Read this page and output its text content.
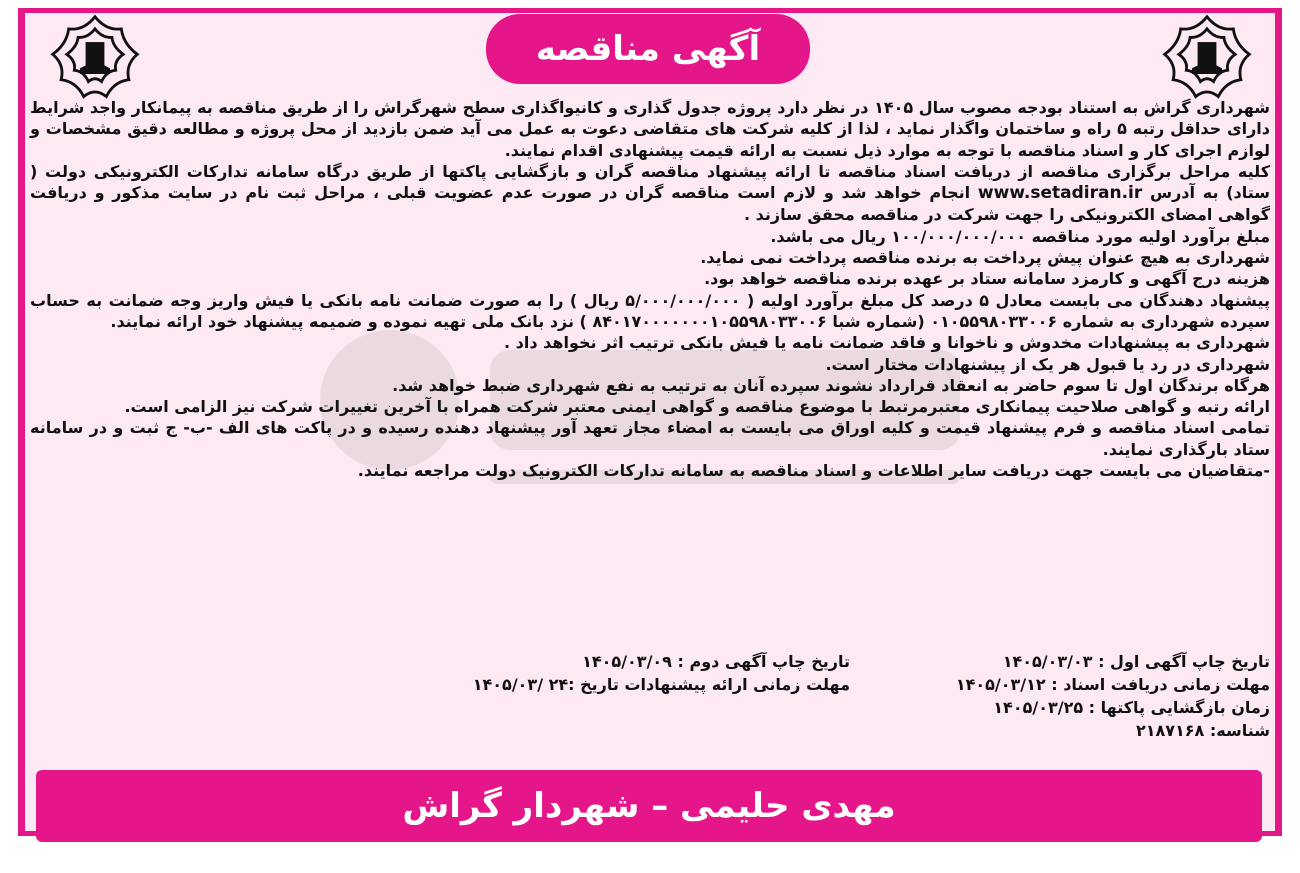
آگهی مناقصه

شهرداری گراش به استناد بودجه مصوب سال ۱۴۰۵ در نظر دارد پروژه جدول گذاری و کانیواگذاری سطح شهرگراش را از طریق مناقصه به پیمانکار واجد شرایط دارای حداقل رتبه ۵ راه و ساختمان واگذار نماید ، لذا از کلیه شرکت های متقاضی دعوت به عمل می آید ضمن بازدید از محل پروژه و مطالعه دقیق مشخصات و لوازم اجرای کار و اسناد مناقصه با توجه به موارد ذیل نسبت به ارائه قیمت پیشنهادی اقدام نمایند.

کلیه مراحل برگزاری مناقصه از دریافت اسناد مناقصه تا ارائه پیشنهاد مناقصه گران و بازگشایی پاکتها از طریق درگاه سامانه تدارکات الکترونیکی دولت ( ستاد) به آدرس www.setadiran.ir انجام خواهد شد و لازم است مناقصه گران در صورت عدم عضویت قبلی ، مراحل ثبت نام در سایت مذکور و دریافت گواهی امضای الکترونیکی را جهت شرکت در مناقصه محقق سازند .

مبلغ برآورد اولیه مورد مناقصه ۱۰۰/۰۰۰/۰۰۰/۰۰۰ ریال می باشد.

شهرداری به هیچ عنوان پیش پرداخت به برنده مناقصه پرداخت نمی نماید.

هزینه درج آگهی و کارمزد سامانه ستاد بر عهده برنده مناقصه خواهد بود.

پیشنهاد دهندگان می بایست معادل ۵ درصد کل مبلغ برآورد اولیه ( ۵/۰۰۰/۰۰۰/۰۰۰ ریال ) را به صورت ضمانت نامه بانکی یا فیش واریز وجه ضمانت به حساب سپرده شهرداری به شماره ۰۱۰۵۵۹۸۰۳۳۰۰۶ (شماره شبا ۸۴۰۱۷۰۰۰۰۰۰۰۱۰۵۵۹۸۰۳۳۰۰۶ ) نزد بانک ملی تهیه نموده و ضمیمه پیشنهاد خود ارائه نمایند.

شهرداری به پیشنهادات مخدوش و ناخوانا و فاقد ضمانت نامه یا فیش بانکی ترتیب اثر نخواهد داد .

شهرداری در رد یا قبول هر یک از پیشنهادات مختار است.

هرگاه برندگان اول تا سوم حاضر به انعقاد قرارداد نشوند سپرده آنان به ترتیب به نفع شهرداری ضبط خواهد شد.

ارائه رتبه و گواهی صلاحیت پیمانکاری معتبرمرتبط با موضوع مناقصه و گواهی ایمنی معتبر شرکت همراه با آخرین تغییرات شرکت نیز الزامی است.

تمامی اسناد مناقصه و فرم پیشنهاد قیمت و کلیه اوراق می بایست به امضاء مجاز تعهد آور پیشنهاد دهنده رسیده و در پاکت های الف -ب- ج ثبت و در سامانه ستاد بارگذاری نمایند.

-متقاضیان می بایست جهت دریافت سایر اطلاعات و اسناد مناقصه به سامانه تدارکات الکترونیک دولت مراجعه نمایند.

تاریخ چاپ آگهی اول : ۱۴۰۵/۰۳/۰۳
تاریخ چاپ آگهی دوم : ۱۴۰۵/۰۳/۰۹
مهلت زمانی دریافت اسناد : ۱۴۰۵/۰۳/۱۲
مهلت زمانی ارائه پیشنهادات تاریخ :۲۴ /۱۴۰۵/۰۳
زمان بازگشایی پاکتها : ۱۴۰۵/۰۳/۲۵
شناسه: ۲۱۸۷۱۶۸
مهدی حلیمی – شهردار گراش
